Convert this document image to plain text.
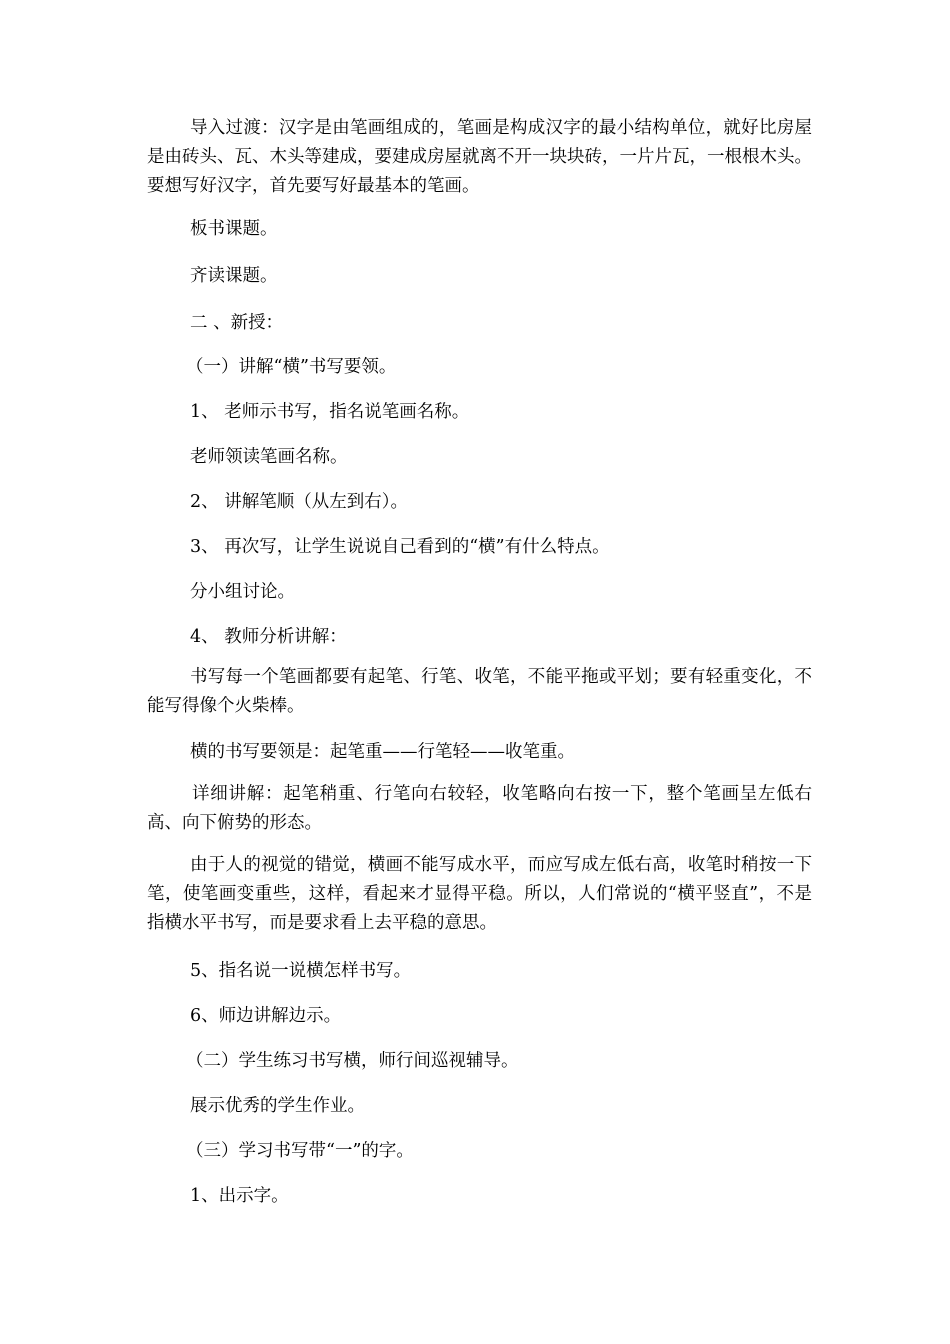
导入过渡：汉字是由笔画组成的，笔画是构成汉字的最小结构单位，就好比房屋是由砖头、瓦、木头等建成，要建成房屋就离不开一块块砖，一片片瓦，一根根木头。要想写好汉字，首先要写好最基本的笔画。

板书课题。

齐读课题。

二 、新授：

（一）讲解“横”书写要领。

1、 老师示书写，指名说笔画名称。

老师领读笔画名称。

2、 讲解笔顺（从左到右）。

3、 再次写，让学生说说自己看到的“横”有什么特点。

分小组讨论。

4、 教师分析讲解：

书写每一个笔画都要有起笔、行笔、收笔，不能平拖或平划；要有轻重变化，不能写得像个火柴棒。

横的书写要领是：起笔重——行笔轻——收笔重。

详细讲解：起笔稍重、行笔向右较轻，收笔略向右按一下，整个笔画呈左低右高、向下俯势的形态。

由于人的视觉的错觉，横画不能写成水平，而应写成左低右高，收笔时稍按一下笔，使笔画变重些，这样，看起来才显得平稳。所以，人们常说的“横平竖直”，不是指横水平书写，而是要求看上去平稳的意思。

5、指名说一说横怎样书写。

6、师边讲解边示。

（二）学生练习书写横，师行间巡视辅导。

展示优秀的学生作业。

（三）学习书写带“一”的字。

1、出示字。
